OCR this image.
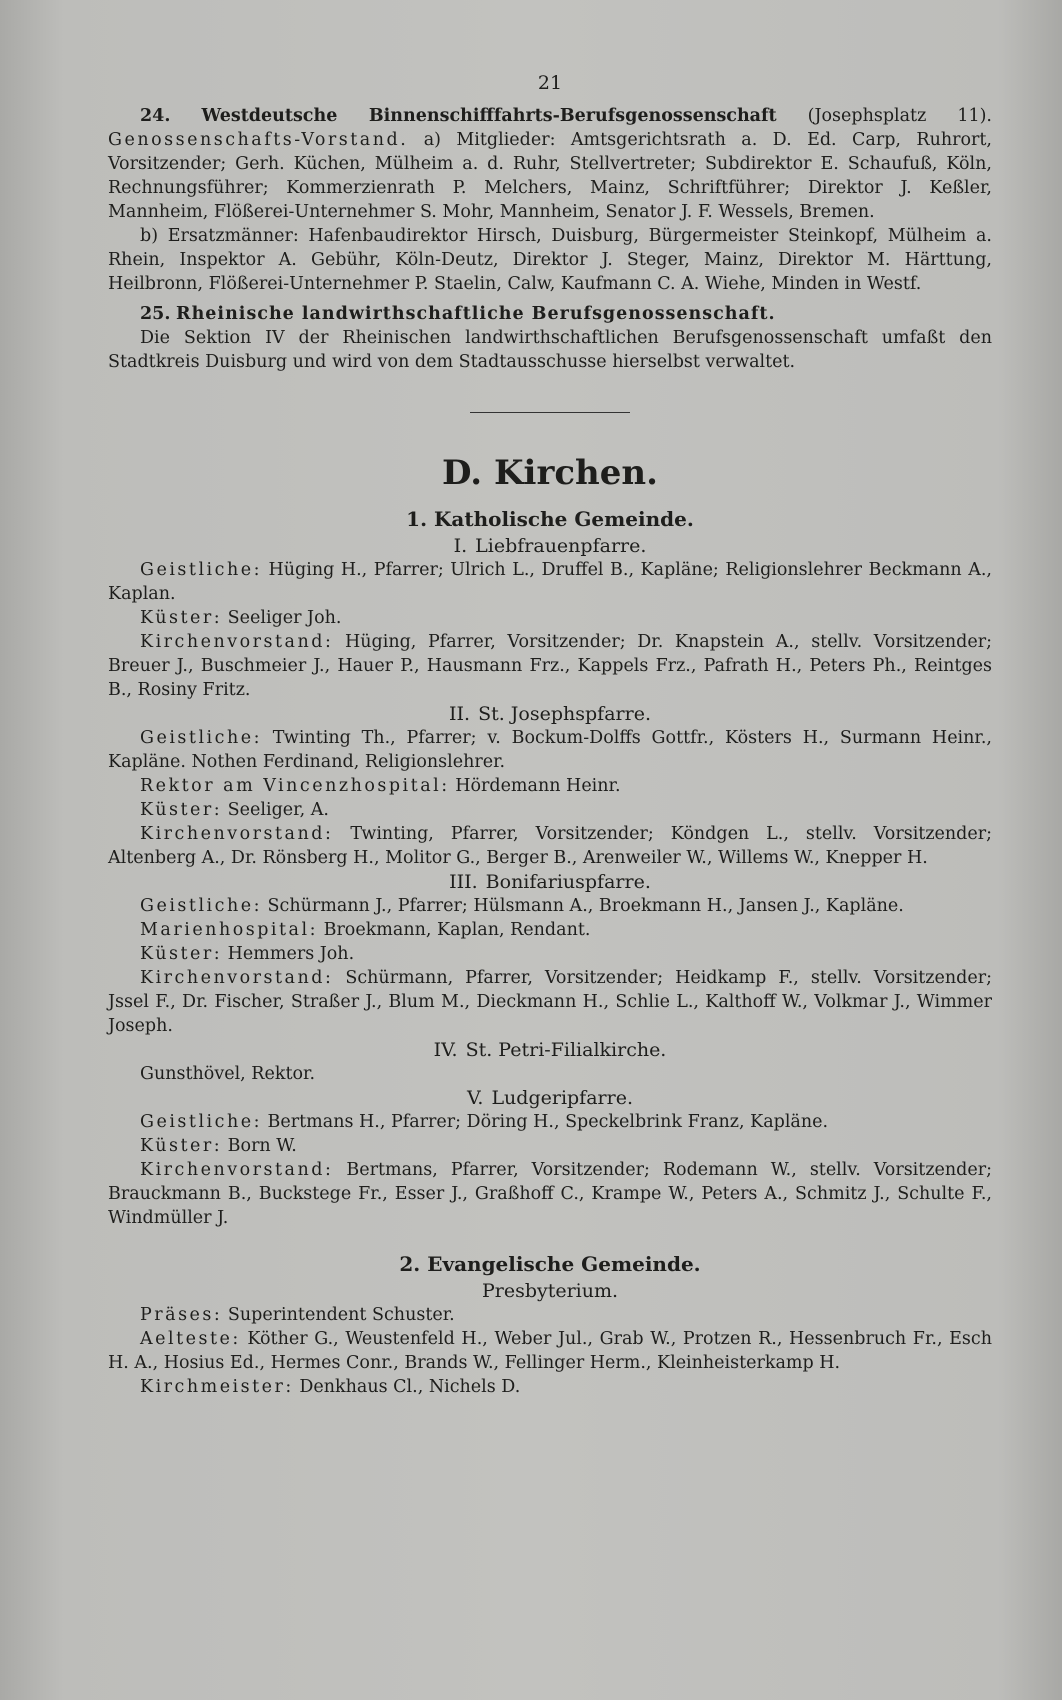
21

24. Westdeutsche Binnenschifffahrts-Berufsgenossenschaft (Josephsplatz 11). Genossenschafts-Vorstand. a) Mitglieder: Amtsgerichtsrath a. D. Ed. Carp, Ruhrort, Vorsitzender; Gerh. Küchen, Mülheim a. d. Ruhr, Stellvertreter; Subdirektor E. Schaufuß, Köln, Rechnungsführer; Kommerzienrath P. Melchers, Mainz, Schriftführer; Direktor J. Keßler, Mannheim, Flößerei-Unternehmer S. Mohr, Mannheim, Senator J. F. Wessels, Bremen.

b) Ersatzmänner: Hafenbaudirektor Hirsch, Duisburg, Bürgermeister Steinkopf, Mülheim a. Rhein, Inspektor A. Gebühr, Köln-Deutz, Direktor J. Steger, Mainz, Direktor M. Härttung, Heilbronn, Flößerei-Unternehmer P. Staelin, Calw, Kaufmann C. A. Wiehe, Minden in Westf.

25. Rheinische landwirthschaftliche Berufsgenossenschaft.

Die Sektion IV der Rheinischen landwirthschaftlichen Berufsgenossenschaft umfaßt den Stadtkreis Duisburg und wird von dem Stadtausschusse hierselbst verwaltet.

D. Kirchen.
1. Katholische Gemeinde.
I. Liebfrauenpfarre.

Geistliche: Hüging H., Pfarrer; Ulrich L., Druffel B., Kapläne; Religionslehrer Beckmann A., Kaplan.

Küster: Seeliger Joh.

Kirchenvorstand: Hüging, Pfarrer, Vorsitzender; Dr. Knapstein A., stellv. Vorsitzender; Breuer J., Buschmeier J., Hauer P., Hausmann Frz., Kappels Frz., Pafrath H., Peters Ph., Reintges B., Rosiny Fritz.

II. St. Josephspfarre.

Geistliche: Twinting Th., Pfarrer; v. Bockum-Dolffs Gottfr., Kösters H., Surmann Heinr., Kapläne. Nothen Ferdinand, Religionslehrer.

Rektor am Vincenzhospital: Hördemann Heinr.

Küster: Seeliger, A.

Kirchenvorstand: Twinting, Pfarrer, Vorsitzender; Köndgen L., stellv. Vorsitzender; Altenberg A., Dr. Rönsberg H., Molitor G., Berger B., Arenweiler W., Willems W., Knepper H.

III. Bonifariuspfarre.

Geistliche: Schürmann J., Pfarrer; Hülsmann A., Broekmann H., Jansen J., Kapläne.

Marienhospital: Broekmann, Kaplan, Rendant.

Küster: Hemmers Joh.

Kirchenvorstand: Schürmann, Pfarrer, Vorsitzender; Heidkamp F., stellv. Vorsitzender; Jssel F., Dr. Fischer, Straßer J., Blum M., Dieckmann H., Schlie L., Kalthoff W., Volkmar J., Wimmer Joseph.

IV. St. Petri-Filialkirche.

Gunsthövel, Rektor.

V. Ludgeripfarre.

Geistliche: Bertmans H., Pfarrer; Döring H., Speckelbrink Franz, Kapläne.

Küster: Born W.

Kirchenvorstand: Bertmans, Pfarrer, Vorsitzender; Rodemann W., stellv. Vorsitzender; Brauckmann B., Buckstege Fr., Esser J., Graßhoff C., Krampe W., Peters A., Schmitz J., Schulte F., Windmüller J.

2. Evangelische Gemeinde.
Presbyterium.

Präses: Superintendent Schuster.

Aelteste: Köther G., Weustenfeld H., Weber Jul., Grab W., Protzen R., Hessenbruch Fr., Esch H. A., Hosius Ed., Hermes Conr., Brands W., Fellinger Herm., Kleinheisterkamp H.

Kirchmeister: Denkhaus Cl., Nichels D.
